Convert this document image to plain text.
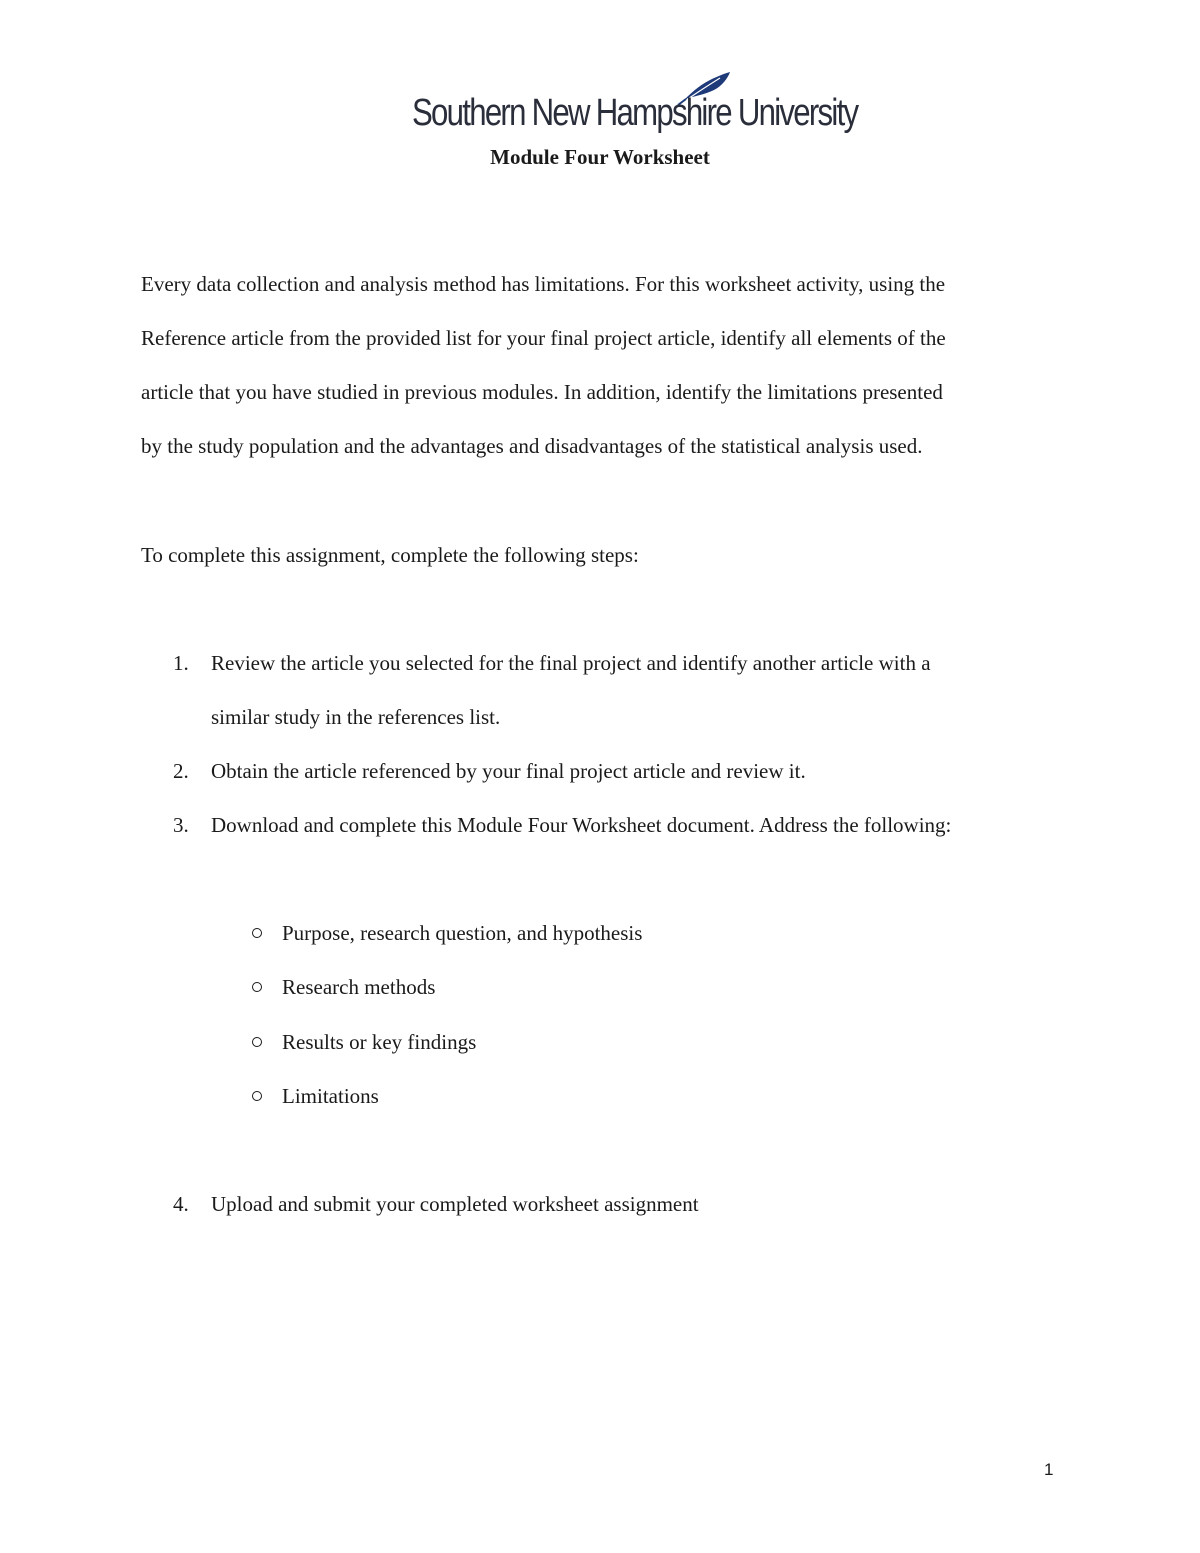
Southern New Hampshire University
Module Four Worksheet
Every data collection and analysis method has limitations. For this worksheet activity, using the
Reference article from the provided list for your final project article, identify all elements of the
article that you have studied in previous modules. In addition, identify the limitations presented
by the study population and the advantages and disadvantages of the statistical analysis used.
To complete this assignment, complete the following steps:
1.	Review the article you selected for the final project and identify another article with a
similar study in the references list.
2.	Obtain the article referenced by your final project article and review it.
3.	Download and complete this Module Four Worksheet document. Address the following:
Purpose, research question, and hypothesis
Research methods
Results or key findings
Limitations
4.	Upload and submit your completed worksheet assignment
1
